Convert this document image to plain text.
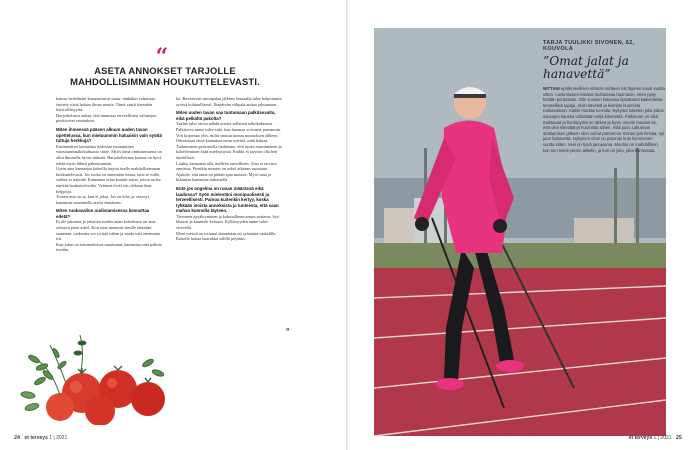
“
ASETA ANNOKSET TARJOLLE MAHDOLLISIMMAN HOUKUTTELEVASTI.

kanssa hedelmäni kruunautuvat siaan, sänkäkin valmistaa täytetty riisiä haluaa ilman muuta. Tämä vaatii tietenkin kärsivällisyyttä.

Harjoittelussa auttaa, että tunnistaa terveellisten valintojen positiiviset seuraukset.

Miten ihmeessä pääsen alkuun uuden tavan opettelussa, kun mieluummin haluaisin vain syödä tuttuja herkkuja?

Ensimmäiset kannattaa tiedostaa tuottaminen varautumisnäkökulmasta sinne. Myös tämä onnistumisena on ollut ihmiselle hyvin tärkeää. Harjoiteltavana kotona on hyvä tehdä myös lähteä pahentumaan.

Usein aina kannattaa kokeilla tarjota itselle mahdollisimman houkuttelevasti. Jos ruoka on ennestään tuttua, laita se esille, vaikka se näyttää. Kannattaa ottaa kauniit astiat, joissa ruoka näyttää houkuttelevalta. Valinnat eivät siis olekaan ihan helppoja.

Toinen asia on se, kun ei jaksa. Jos on kiire ja väsynyt, kannattaa suunnitella ateria etukäteen.

Miten ruokavalion uudistamisessa kannattaa edetä?

Et ole jaksanut ja jokaisen uuden asian kokeilussa on aina otettava pieni askel. Kun asiat menevät sinulle tärkeään suuntaan, vaikeutta voi yrittää vähän ja saada siitä enemmän irti.

Kun jokin on tottumuksissa muuttunut, kannattaa siitä palkita itseään.

ho. Ravitsevan aamupalan jälkeen lounaalla tulee helpommin syötyä kohtuullisesti. Iltapäivän välipala auttaa jaksamaan.

Miten uuden tavan saa tuntumaan palkitsevalta, eikä pelkältä pakolta?

Vaalan tulee taitoa nähdä asioita sellaisen näkökulmasta. Palkitseva tunne tulee siitä, kun huomaa voivansa paremmin. Voit kirjoittaa ylös, miltä sinusta tuntuu muutoksen jälkeen.

Oikeastaan tässä kannattaa ensin miettiä, mitä haluaa. Tutkimusten perusteella tiedämme, että ruoan maistaminen ja kokeileminen lisää mieltymystä. Kaikki ei tarvitse olla heti täydellistä.

Lisäksi kannattaa olla itselleen armollinen. Aina ei tarvitse onnistua. Pienikin muutos on askel oikeaan suuntaan.

Ajattele, että tämä on pitkän ajan muutos. Myös unta ja liikuntaa kannattaa tarkastella.

Entä jos ongelma on ruoan määrässä eikä laadussa? Syön mielestäni monipuolisesti ja terveellisesti. Painoa kuitenkin kertyy, koska tykkään isoista annoksista ja tunteesta, että saan mahan kunnolla täyteen.

Tietoinen pysähtyminen ja kohtuullinen annos auttavat. Syö hitaasti ja kuuntele kehoasi. Kylläisyyden tunne tulee viiveellä.

Moni meistä on tottunut ahmimaan tai syömään vauhdilla. Kokeile laittaa haarukka välillä pöytään.

»
24 et terveys 1 | 2021
TARJA TUULIKKI SIVONEN, 62, KOUVOLA
”Omat jalat ja hanavettä”
MITTANI epäterveellisen elämän suhteen tuli täyteen kuusi vuotta sitten. Lastenlasten kanssa touhutessa huomasin, etten pysy heidän perässään. Olin vuosien kuluessa lipsuttanut kaikenlaisia terveellisiä tapoja. Aloin käveleä ja kiinnitin huomiota ruokavalioon. Kaikki muuttui kerralla. Nykyisin kävelen joka päivä sauvojen kanssa vähintään neljä kilometriä. Palkinnan on ollut mahtavaa ja kuntopyörä on tärkeä ja hyvä. Suurin muutos on, että olen kiinnittänyt huomiota siihen, mitä juon. Liikunnan aloittamisen jälkeen olen voinut paremmin. Ennen join limsaa, nyt juon hanavettä. Nykyinen oloni on parempi kuin kymmenen vuotta sitten. Vesi on hyvä janojuoma. Muutos on mahdollinen, kun sen tekee pienin askelin, ja kun on joku, joka kannustaa.
et terveys 1 | 2021 25
